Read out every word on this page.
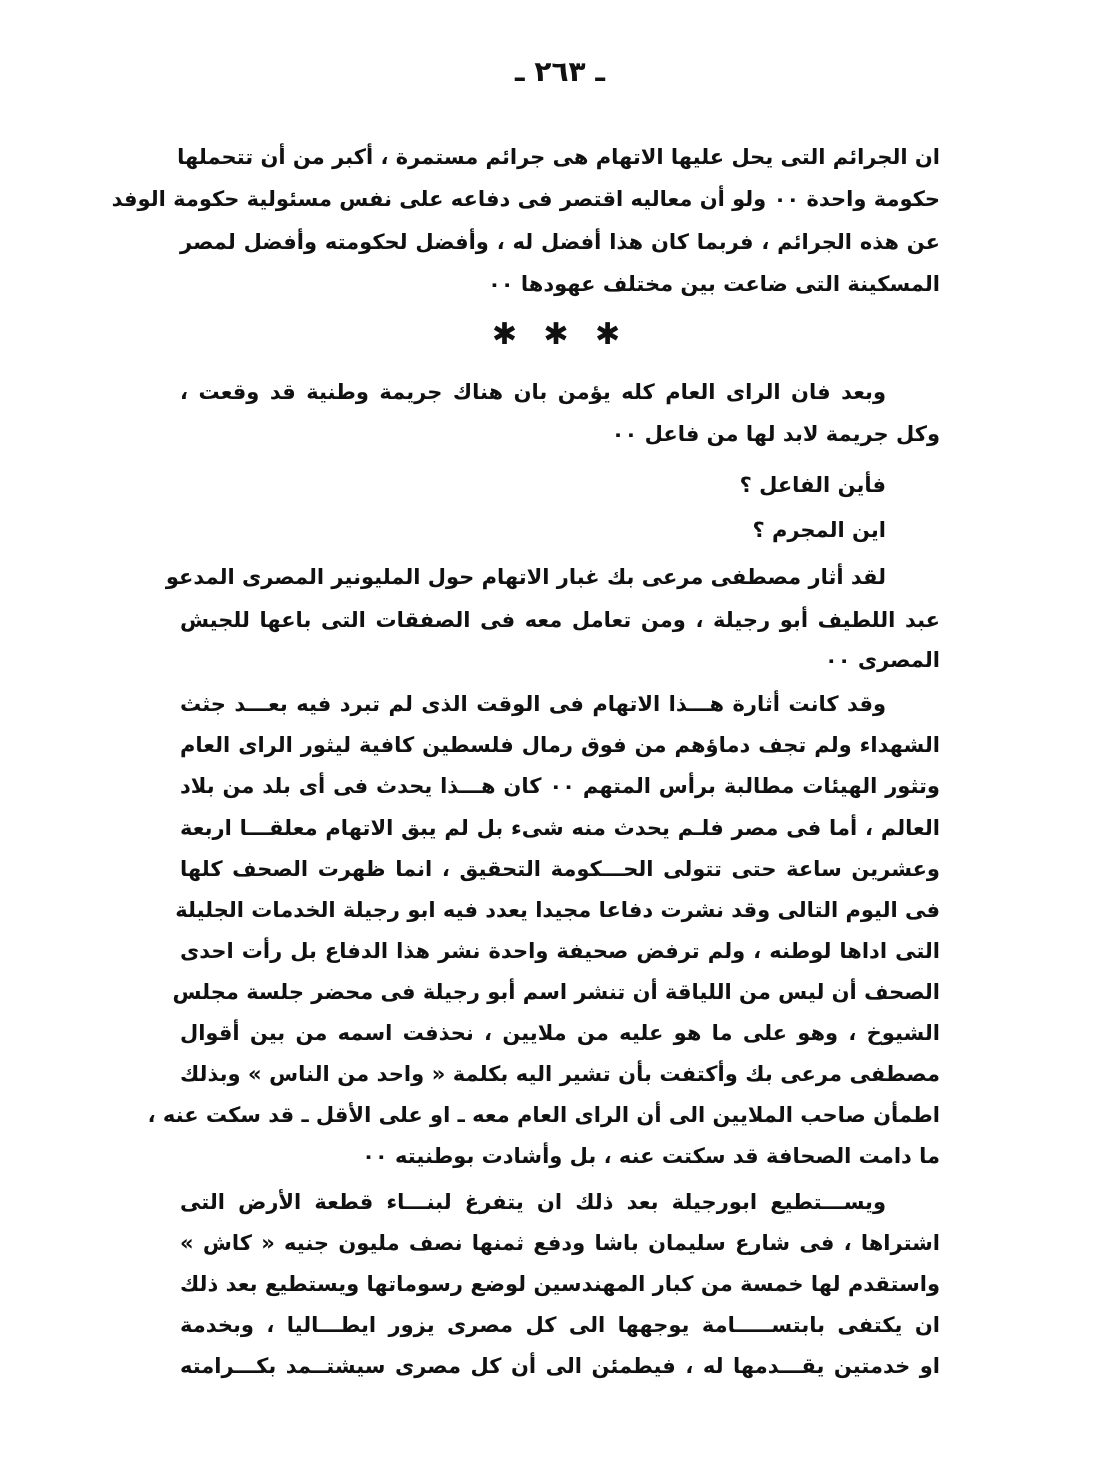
ـ ٢٦٣ ـ
ان الجرائم التى يحل عليها الاتهام هى جرائم مستمرة ، أكبر من أن تتحملها
حكومة واحدة ٠٠ ولو أن معاليه اقتصر فى دفاعه على نفس مسئولية حكومة الوفد
عن هذه الجرائم ، فربما كان هذا أفضل له ، وأفضل لحكومته وأفضل لمصر
المسكينة التى ضاعت بين مختلف عهودها ٠٠
✱ ✱ ✱
وبعد فان الراى العام كله يؤمن بان هناك جريمة وطنية قد وقعت ،
وكل جريمة لابد لها من فاعل ٠٠
فأين الفاعل ؟
اين المجرم ؟
لقد أثار مصطفى مرعى بك غبار الاتهام حول المليونير المصرى المدعو
عبد اللطيف أبو رجيلة ، ومن تعامل معه فى الصفقات التى باعها للجيش
المصرى ٠٠
وقد كانت أثارة هـــذا الاتهام فى الوقت الذى لم تبرد فيه بعـــد جثث
الشهداء ولم تجف دماؤهم من فوق رمال فلسطين كافية ليثور الراى العام
وتثور الهيئات مطالبة برأس المتهم ٠٠ كان هـــذا يحدث فى أى بلد من بلاد
العالم ، أما فى مصر فلـم يحدث منه شىء بل لم يبق الاتهام معلقـــا اربعة
وعشرين ساعة حتى تتولى الحـــكومة التحقيق ، انما ظهرت الصحف كلها
فى اليوم التالى وقد نشرت دفاعا مجيدا يعدد فيه ابو رجيلة الخدمات الجليلة
التى اداها لوطنه ، ولم ترفض صحيفة واحدة نشر هذا الدفاع بل رأت احدى
الصحف أن ليس من اللياقة أن تنشر اسم أبو رجيلة فى محضر جلسة مجلس
الشيوخ ، وهو على ما هو عليه من ملايين ، نحذفت اسمه من بين أقوال
مصطفى مرعى بك وأكتفت بأن تشير اليه بكلمة « واحد من الناس » وبذلك
اطمأن صاحب الملايين الى أن الراى العام معه ـ او على الأقل ـ قد سكت عنه ،
ما دامت الصحافة قد سكتت عنه ، بل وأشادت بوطنيته ٠٠
ويســـتطيع ابورجيلة بعد ذلك ان يتفرغ لبنـــاء قطعة الأرض التى
اشتراها ، فى شارع سليمان باشا ودفع ثمنها نصف مليون جنيه « كاش »
واستقدم لها خمسة من كبار المهندسين لوضع رسوماتها ويستطيع بعد ذلك
ان يكتفى بابتســـــامة يوجهها الى كل مصرى يزور ايطـــاليا ، وبخدمة
او خدمتين يقـــدمها له ، فيطمئن الى أن كل مصرى سيشتــمد بكـــرامته
